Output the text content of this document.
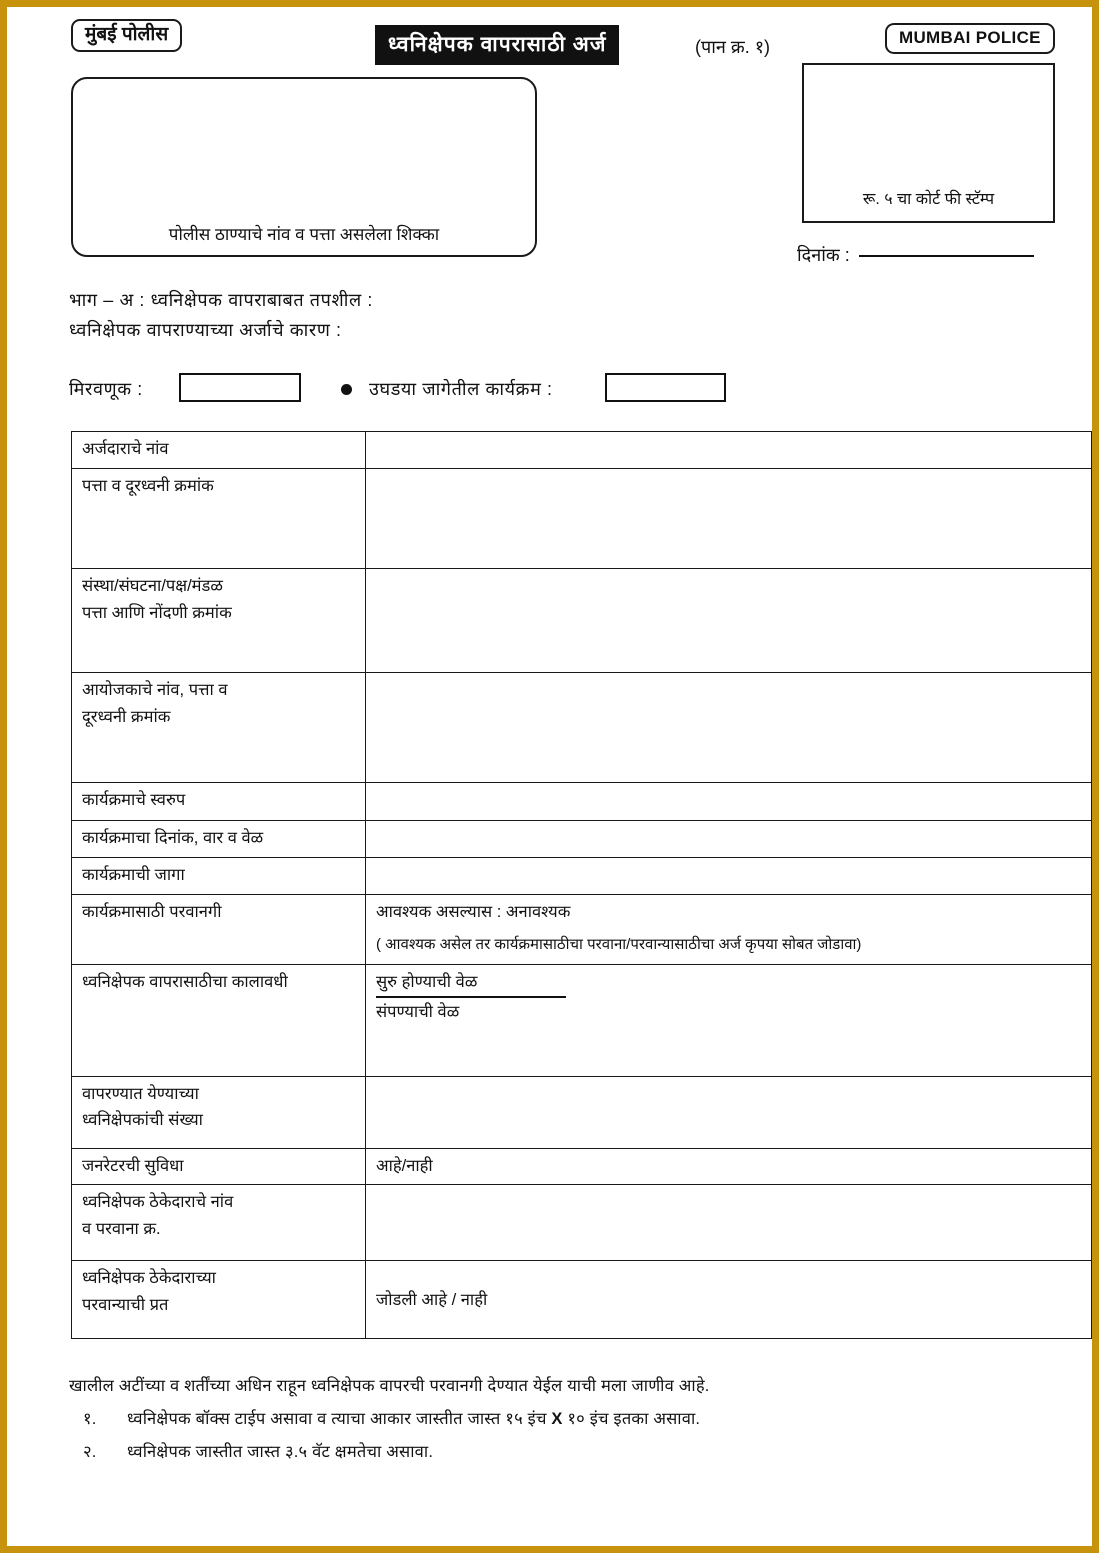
मुंबई पोलीस	ध्वनिक्षेपक वापरासाठी अर्ज	(पान क्र. १)	MUMBAI POLICE
पोलीस ठाण्याचे नांव व पत्ता असलेला शिक्का
रू. ५ चा कोर्ट फी स्टॅम्प
दिनांक :
भाग – अ : ध्वनिक्षेपक वापराबाबत तपशील :
ध्वनिक्षेपक वापराण्याच्या अर्जाचे कारण :
मिरवणूक :	उघडया जागेतील कार्यक्रम :
अर्जदाराचे नांव	

पत्ता व दूरध्वनी क्रमांक	

संस्था/संघटना/पक्ष/मंडळ
पत्ता आणि नोंदणी क्रमांक	

आयोजकाचे नांव, पत्ता व
दूरध्वनी क्रमांक	

कार्यक्रमाचे स्वरुप	

कार्यक्रमाचा दिनांक, वार व वेळ	

कार्यक्रमाची जागा	

कार्यक्रमासाठी परवानगी	आवश्यक असल्यास : अनावश्यक
( आवश्यक असेल तर कार्यक्रमासाठीचा परवाना/परवान्यासाठीचा अर्ज कृपया सोबत जोडावा)

ध्वनिक्षेपक वापरासाठीचा कालावधी	सुरु होण्याची वेळ
संपण्याची वेळ

वापरण्यात येण्याच्या
ध्वनिक्षेपकांची संख्या	

जनरेटरची सुविधा	आहे/नाही

ध्वनिक्षेपक ठेकेदाराचे नांव
व परवाना क्र.	

ध्वनिक्षेपक ठेकेदाराच्या
परवान्याची प्रत	जोडली आहे / नाही
खालील अटींच्या व शर्तींच्या अधिन राहून ध्वनिक्षेपक वापरची परवानगी देण्यात येईल याची मला जाणीव आहे.
१. ध्वनिक्षेपक बॉक्स टाईप असावा व त्याचा आकार जास्तीत जास्त १५ इंच X १० इंच इतका असावा.
२. ध्वनिक्षेपक जास्तीत जास्त ३.५ वॅट क्षमतेचा असावा.
